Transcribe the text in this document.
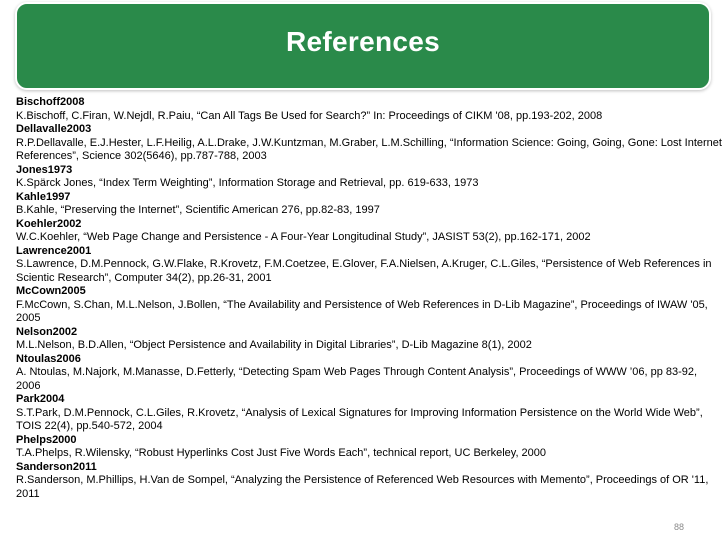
References
Bischoff2008
K.Bischoff, C.Firan, W.Nejdl, R.Paiu, “Can All Tags Be Used for Search?” In: Proceedings of CIKM '08, pp.193-202, 2008
Dellavalle2003
R.P.Dellavalle, E.J.Hester, L.F.Heilig, A.L.Drake, J.W.Kuntzman, M.Graber, L.M.Schilling, “Information Science: Going, Going, Gone: Lost Internet References”, Science 302(5646), pp.787-788, 2003
Jones1973
K.Spärck Jones, “Index Term Weighting”, Information Storage and Retrieval, pp. 619-633, 1973
Kahle1997
B.Kahle, “Preserving the Internet”, Scientific American 276, pp.82-83, 1997
Koehler2002
W.C.Koehler, “Web Page Change and Persistence - A Four-Year Longitudinal Study”, JASIST 53(2), pp.162-171, 2002
Lawrence2001
S.Lawrence, D.M.Pennock, G.W.Flake, R.Krovetz, F.M.Coetzee, E.Glover, F.A.Nielsen, A.Kruger, C.L.Giles, “Persistence of Web References in Scientic Research”, Computer 34(2), pp.26-31, 2001
McCown2005
F.McCown, S.Chan, M.L.Nelson, J.Bollen, “The Availability and Persistence of Web References in D-Lib Magazine”, Proceedings of IWAW '05, 2005
Nelson2002
M.L.Nelson, B.D.Allen, “Object Persistence and Availability in Digital Libraries”, D-Lib Magazine 8(1), 2002
Ntoulas2006
A. Ntoulas, M.Najork, M.Manasse, D.Fetterly, “Detecting Spam Web Pages Through Content Analysis”, Proceedings of WWW ’06, pp 83-92, 2006
Park2004
S.T.Park, D.M.Pennock, C.L.Giles, R.Krovetz, “Analysis of Lexical Signatures for Improving Information Persistence on the World Wide Web”, TOIS 22(4), pp.540-572, 2004
Phelps2000
T.A.Phelps, R.Wilensky, “Robust Hyperlinks Cost Just Five Words Each”, technical report, UC Berkeley, 2000
Sanderson2011
R.Sanderson, M.Phillips, H.Van de Sompel, “Analyzing the Persistence of Referenced Web Resources with Memento”, Proceedings of OR '11, 2011
88
